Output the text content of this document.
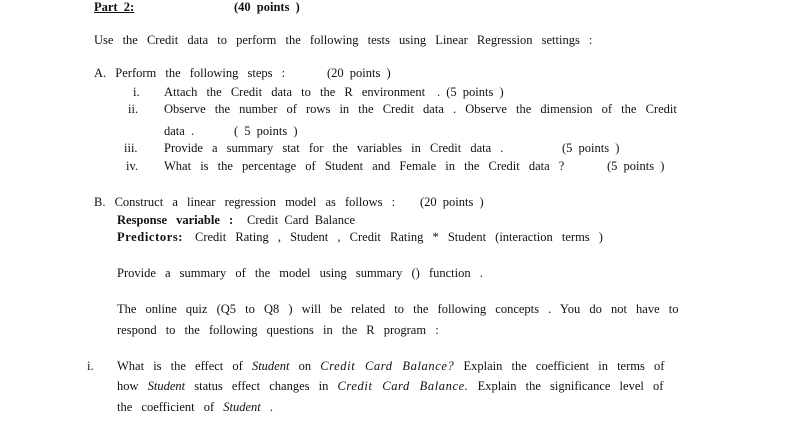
Part 2:	(40 points )
Use the Credit data to perform the following tests using Linear Regression settings :
A. Perform the following steps :	(20 points )
i. Attach the Credit data to the R environment . (5 points )
ii. Observe the number of rows in the Credit data . Observe the dimension of the Credit
data .	( 5 points )
iii. Provide a summary stat for the variables in Credit data .	(5 points )
iv. What is the percentage of Student and Female in the Credit data ?	(5 points )
B. Construct a linear regression model as follows : (20 points )
Response variable : Credit Card Balance
Predictors: Credit Rating , Student , Credit Rating * Student (interaction terms )
Provide a summary of the model using summary () function .
The online quiz (Q5 to Q8 ) will be related to the following concepts . You do not have to
respond to the following questions in the R program :
i. What is the effect of Student on Credit Card Balance? Explain the coefficient in terms of
how Student status effect changes in Credit Card Balance. Explain the significance level of
the coefficient of Student .
